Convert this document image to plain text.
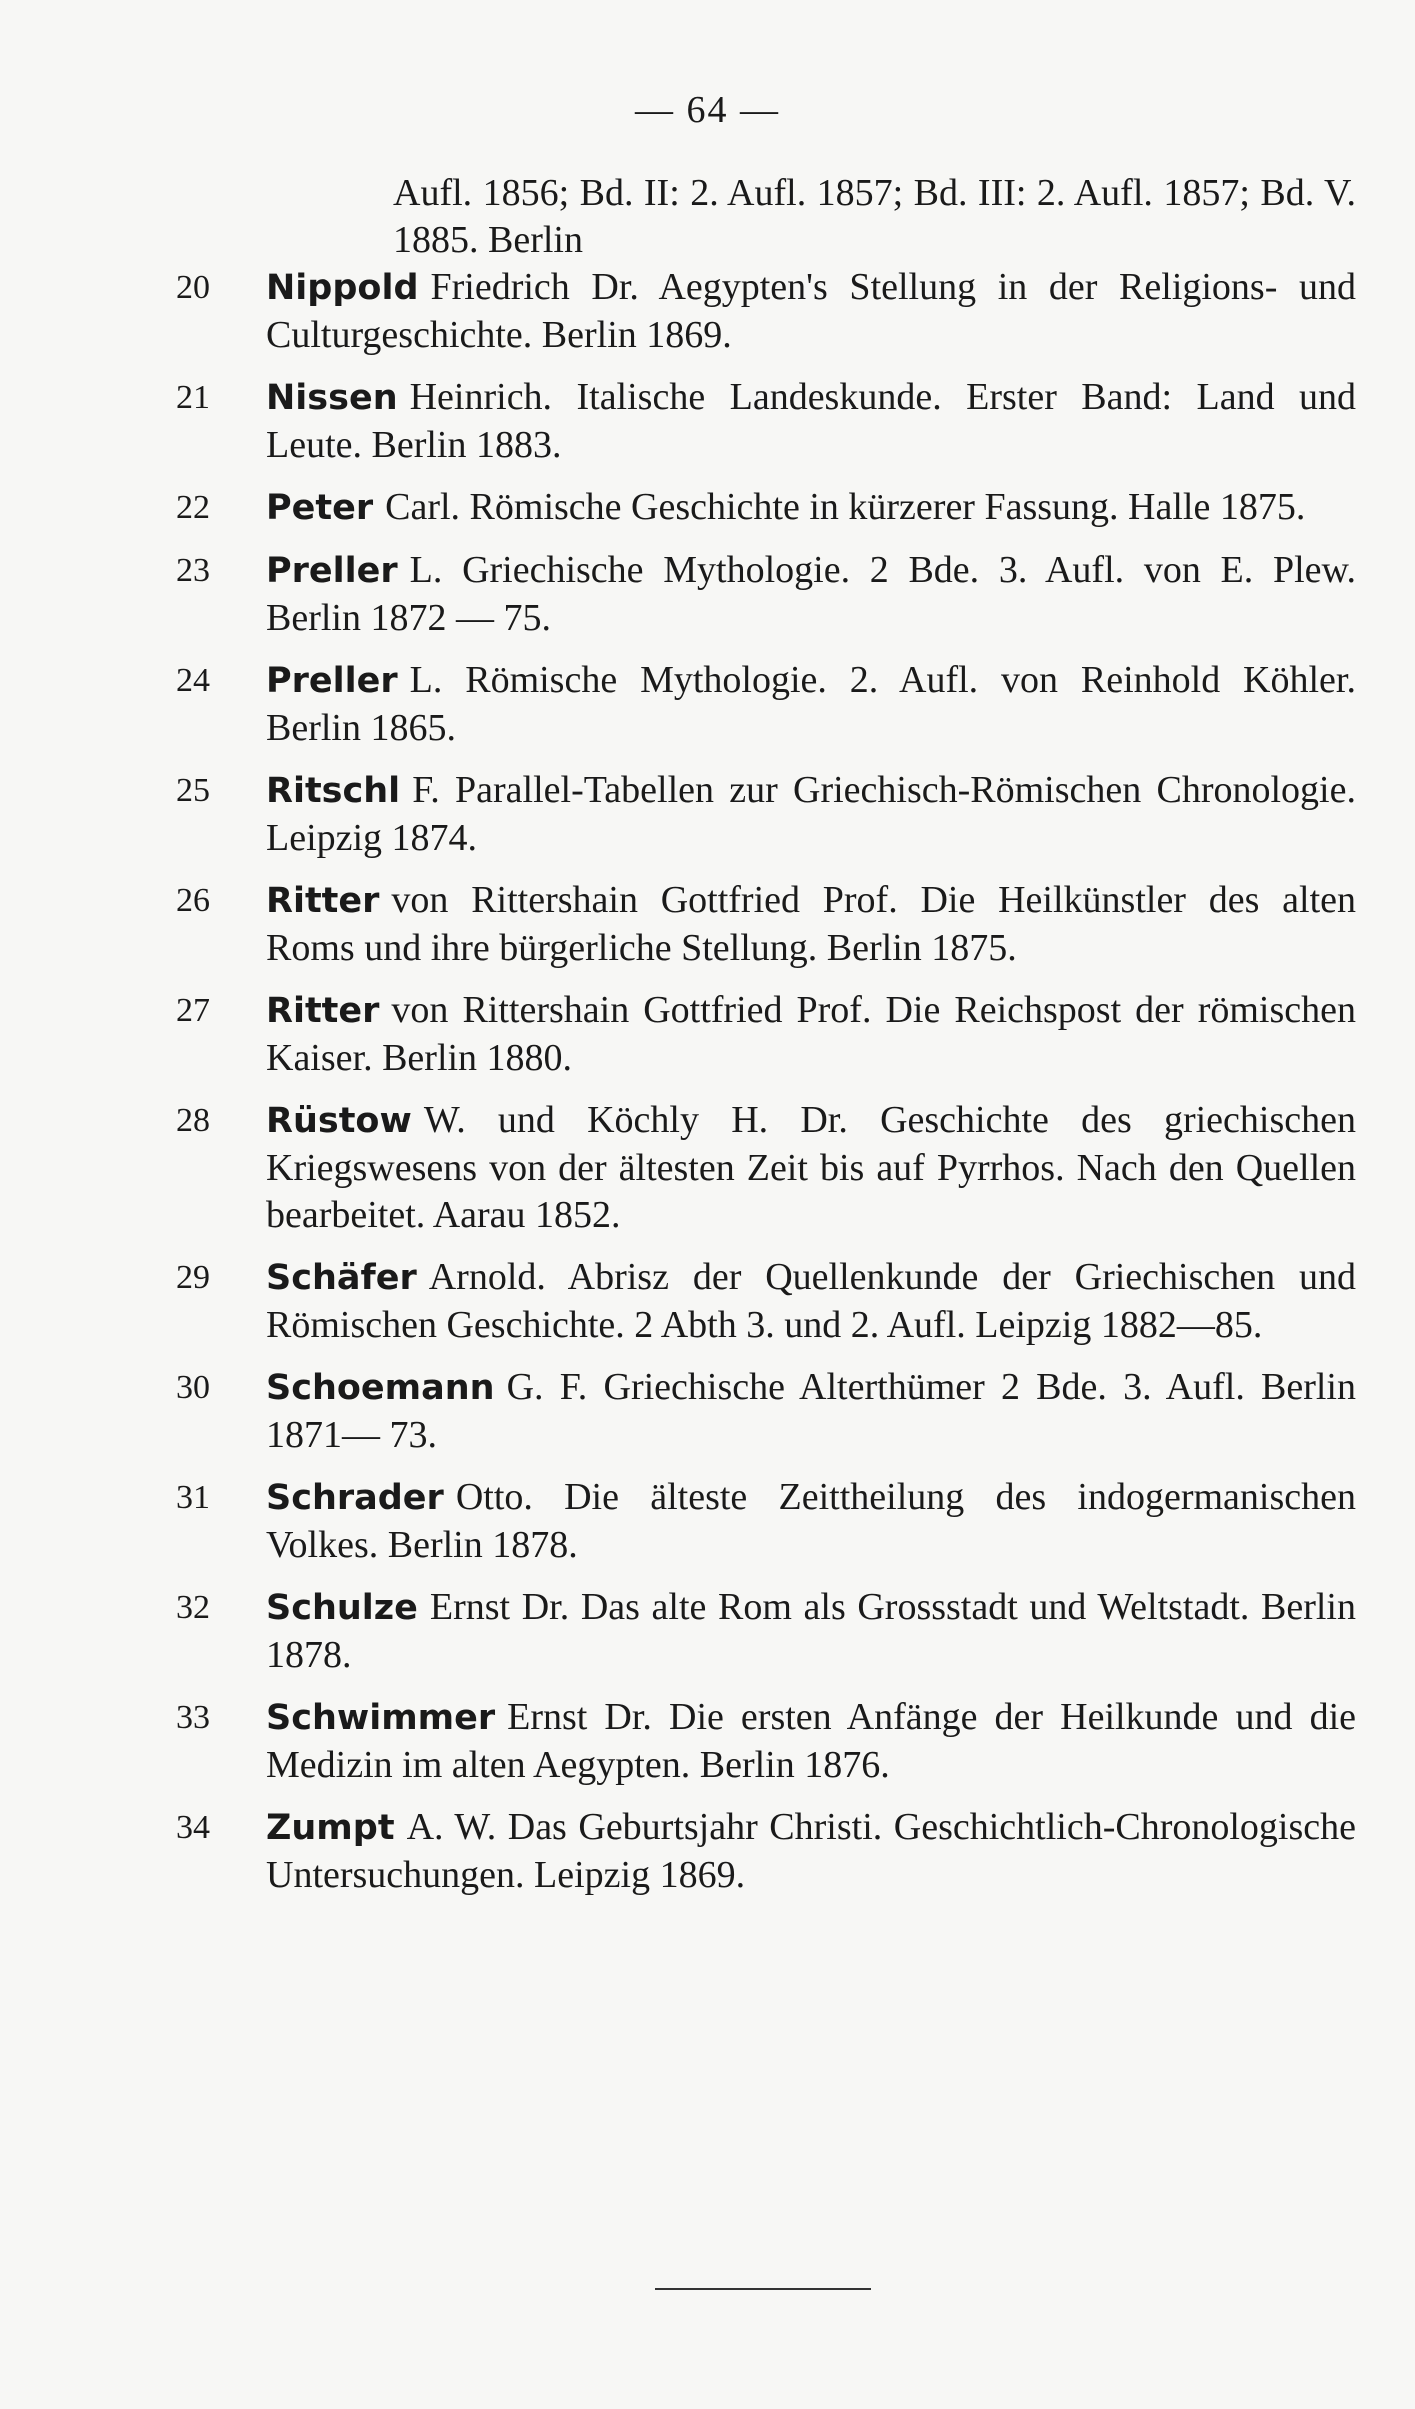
— 64 —
Aufl. 1856; Bd. II: 2. Aufl. 1857; Bd. III: 2. Aufl. 1857; Bd. V. 1885. Berlin
20 Nippold Friedrich Dr. Aegypten's Stellung in der Religions- und Culturgeschichte. Berlin 1869.
21 Nissen Heinrich. Italische Landeskunde. Erster Band: Land und Leute. Berlin 1883.
22 Peter Carl. Römische Geschichte in kürzerer Fassung. Halle 1875.
23 Preller L. Griechische Mythologie. 2 Bde. 3. Aufl. von E. Plew. Berlin 1872 — 75.
24 Preller L. Römische Mythologie. 2. Aufl. von Reinhold Köhler. Berlin 1865.
25 Ritschl F. Parallel-Tabellen zur Griechisch-Römischen Chronologie. Leipzig 1874.
26 Ritter von Rittershain Gottfried Prof. Die Heilkünstler des alten Roms und ihre bürgerliche Stellung. Berlin 1875.
27 Ritter von Rittershain Gottfried Prof. Die Reichspost der römischen Kaiser. Berlin 1880.
28 Rüstow W. und Köchly H. Dr. Geschichte des griechischen Kriegswesens von der ältesten Zeit bis auf Pyrrhos. Nach den Quellen bearbeitet. Aarau 1852.
29 Schäfer Arnold. Abrisz der Quellenkunde der Griechischen und Römischen Geschichte. 2 Abth 3. und 2. Aufl. Leipzig 1882—85.
30 Schoemann G. F. Griechische Alterthümer 2 Bde. 3. Aufl. Berlin 1871— 73.
31 Schrader Otto. Die älteste Zeittheilung des indogermanischen Volkes. Berlin 1878.
32 Schulze Ernst Dr. Das alte Rom als Grossstadt und Weltstadt. Berlin 1878.
33 Schwimmer Ernst Dr. Die ersten Anfänge der Heilkunde und die Medizin im alten Aegypten. Berlin 1876.
34 Zumpt A. W. Das Geburtsjahr Christi. Geschichtlich-Chronologische Untersuchungen. Leipzig 1869.
